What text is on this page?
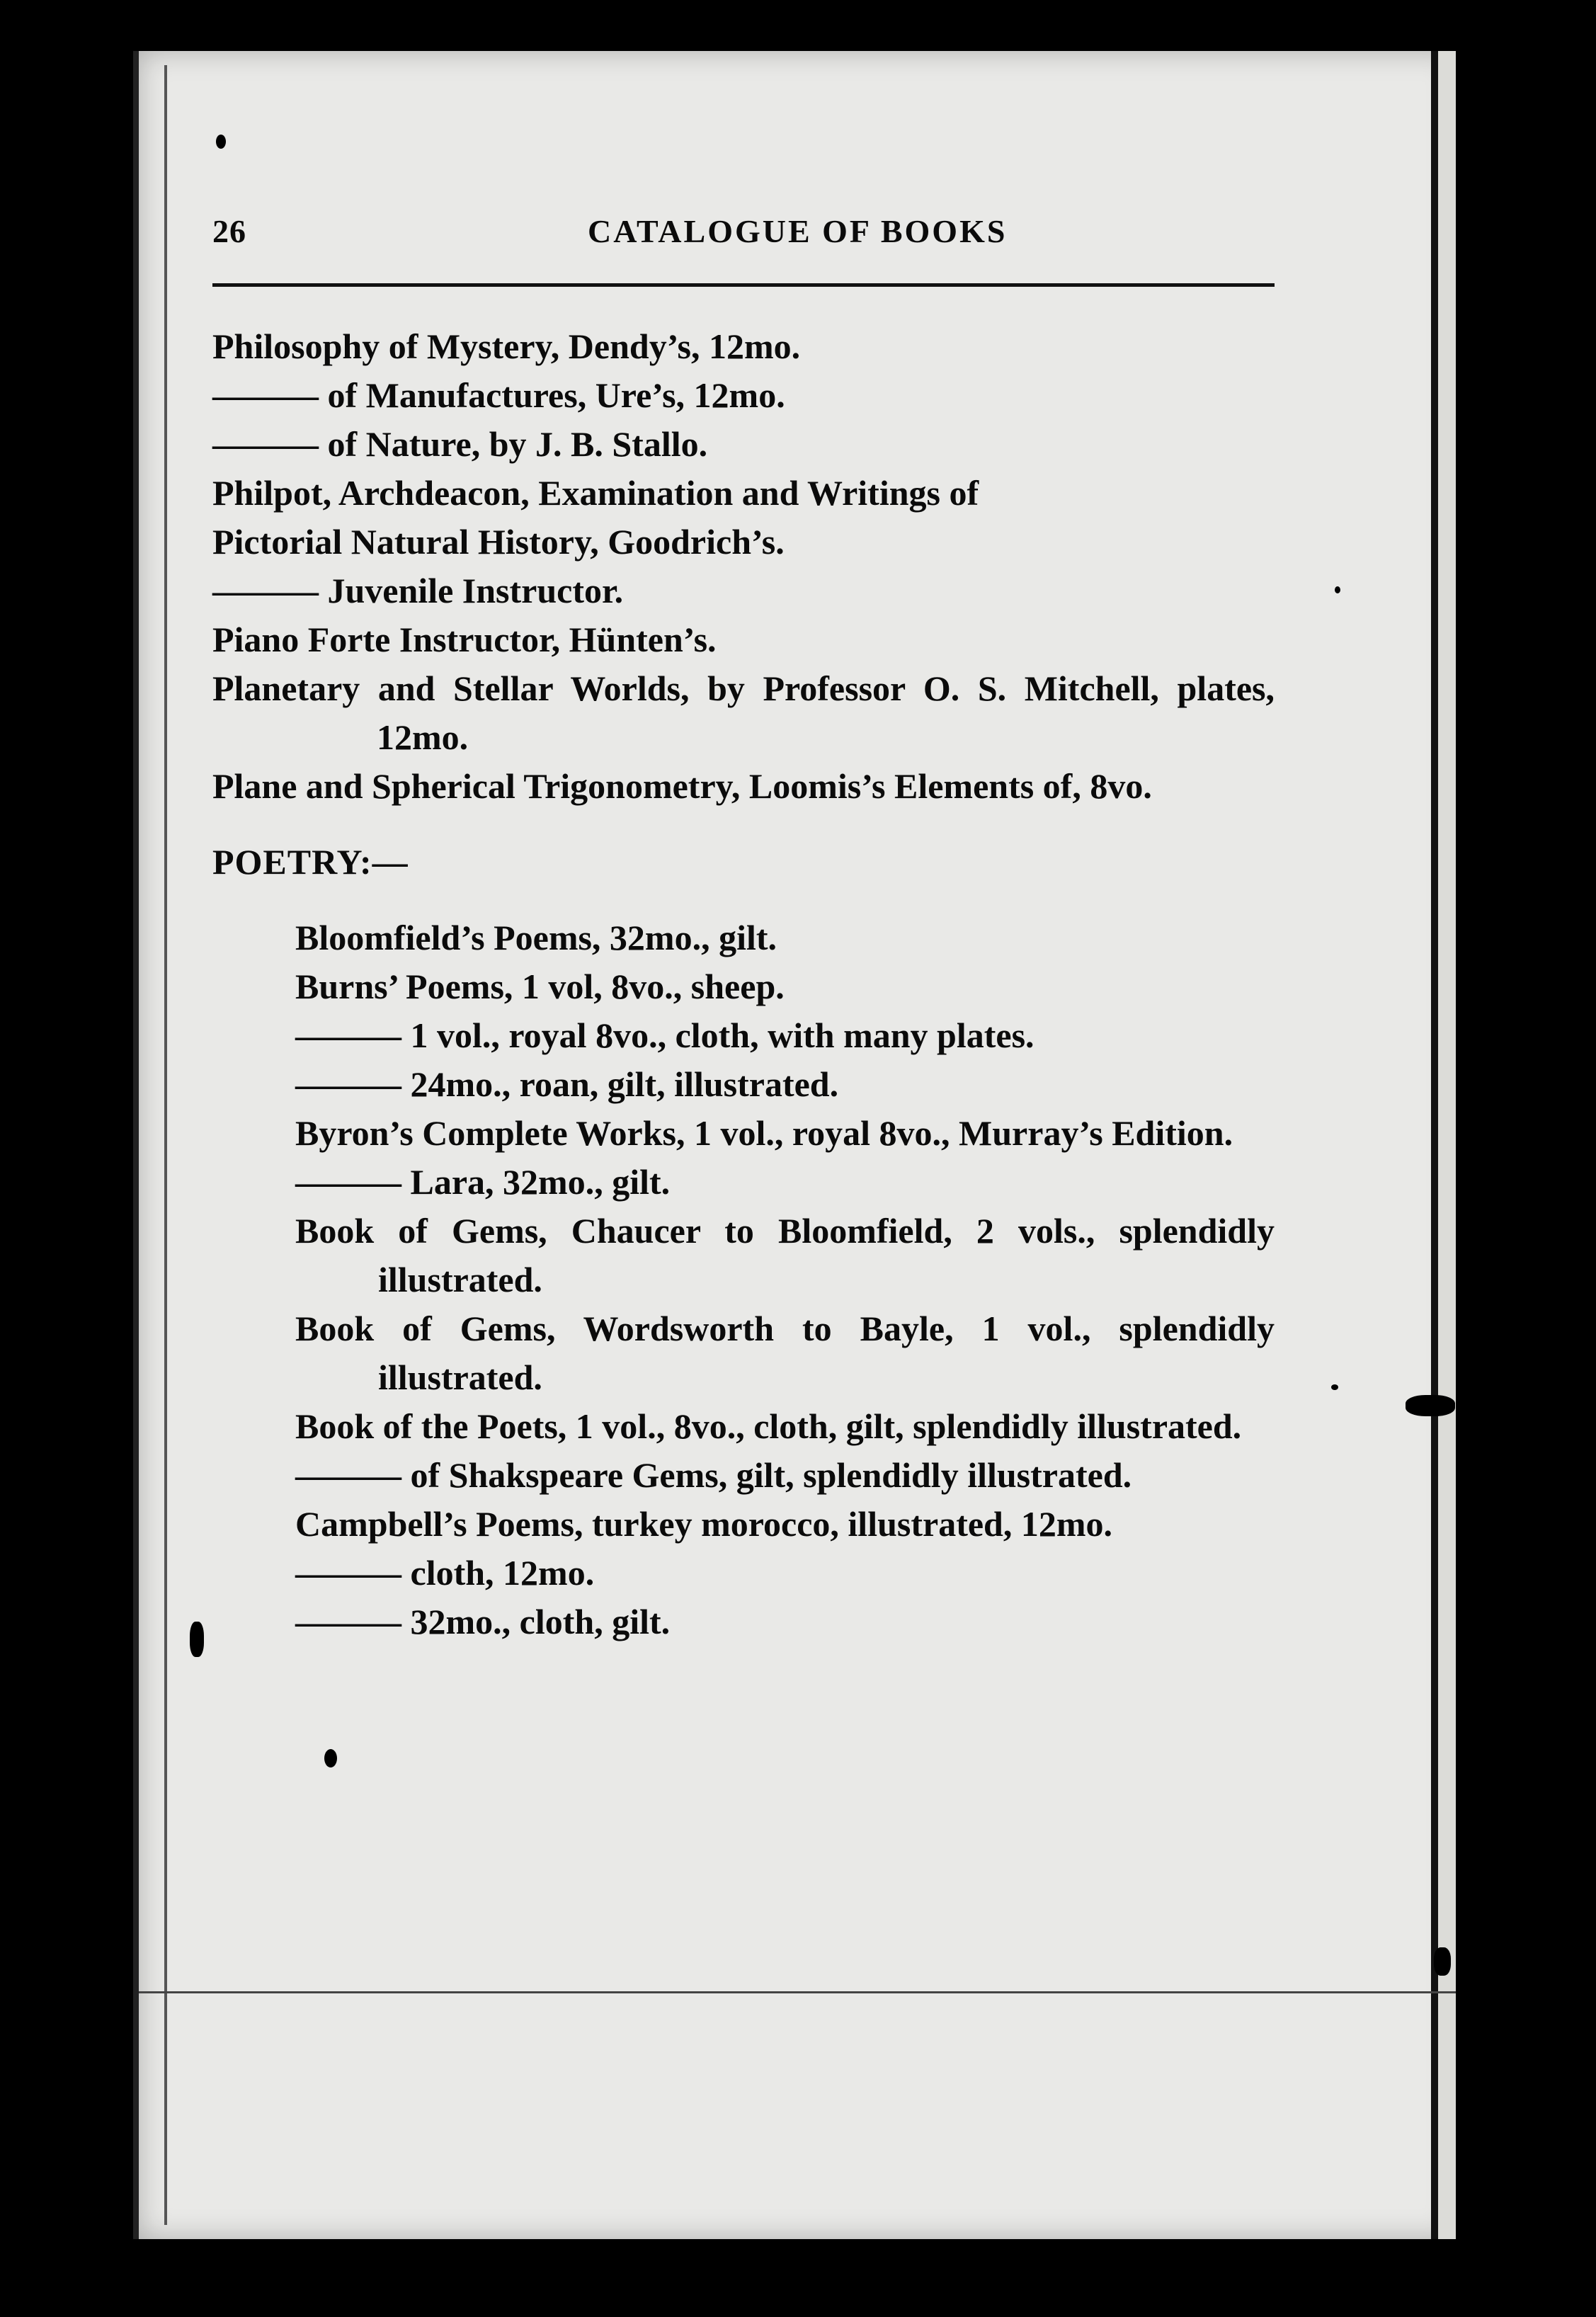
26	CATALOGUE OF BOOKS

Philosophy of Mystery, Dendy’s, 12mo.

——— of Manufactures, Ure’s, 12mo.

——— of Nature, by J. B. Stallo.

Philpot, Archdeacon, Examination and Writings of

Pictorial Natural History, Goodrich’s.

——— Juvenile Instructor.

Piano Forte Instructor, Hünten’s.

Planetary and Stellar Worlds, by Professor O. S. Mitchell, plates, 12mo.

Plane and Spherical Trigonometry, Loomis’s Elements of, 8vo.

POETRY:—

Bloomfield’s Poems, 32mo., gilt.

Burns’ Poems, 1 vol, 8vo., sheep.

——— 1 vol., royal 8vo., cloth, with many plates.

——— 24mo., roan, gilt, illustrated.

Byron’s Complete Works, 1 vol., royal 8vo., Murray’s Edition.

——— Lara, 32mo., gilt.

Book of Gems, Chaucer to Bloomfield, 2 vols., splendidly illustrated.

Book of Gems, Wordsworth to Bayle, 1 vol., splendidly illustrated.

Book of the Poets, 1 vol., 8vo., cloth, gilt, splendidly illustrated.

——— of Shakspeare Gems, gilt, splendidly illustrated.

Campbell’s Poems, turkey morocco, illustrated, 12mo.

——— cloth, 12mo.

——— 32mo., cloth, gilt.
